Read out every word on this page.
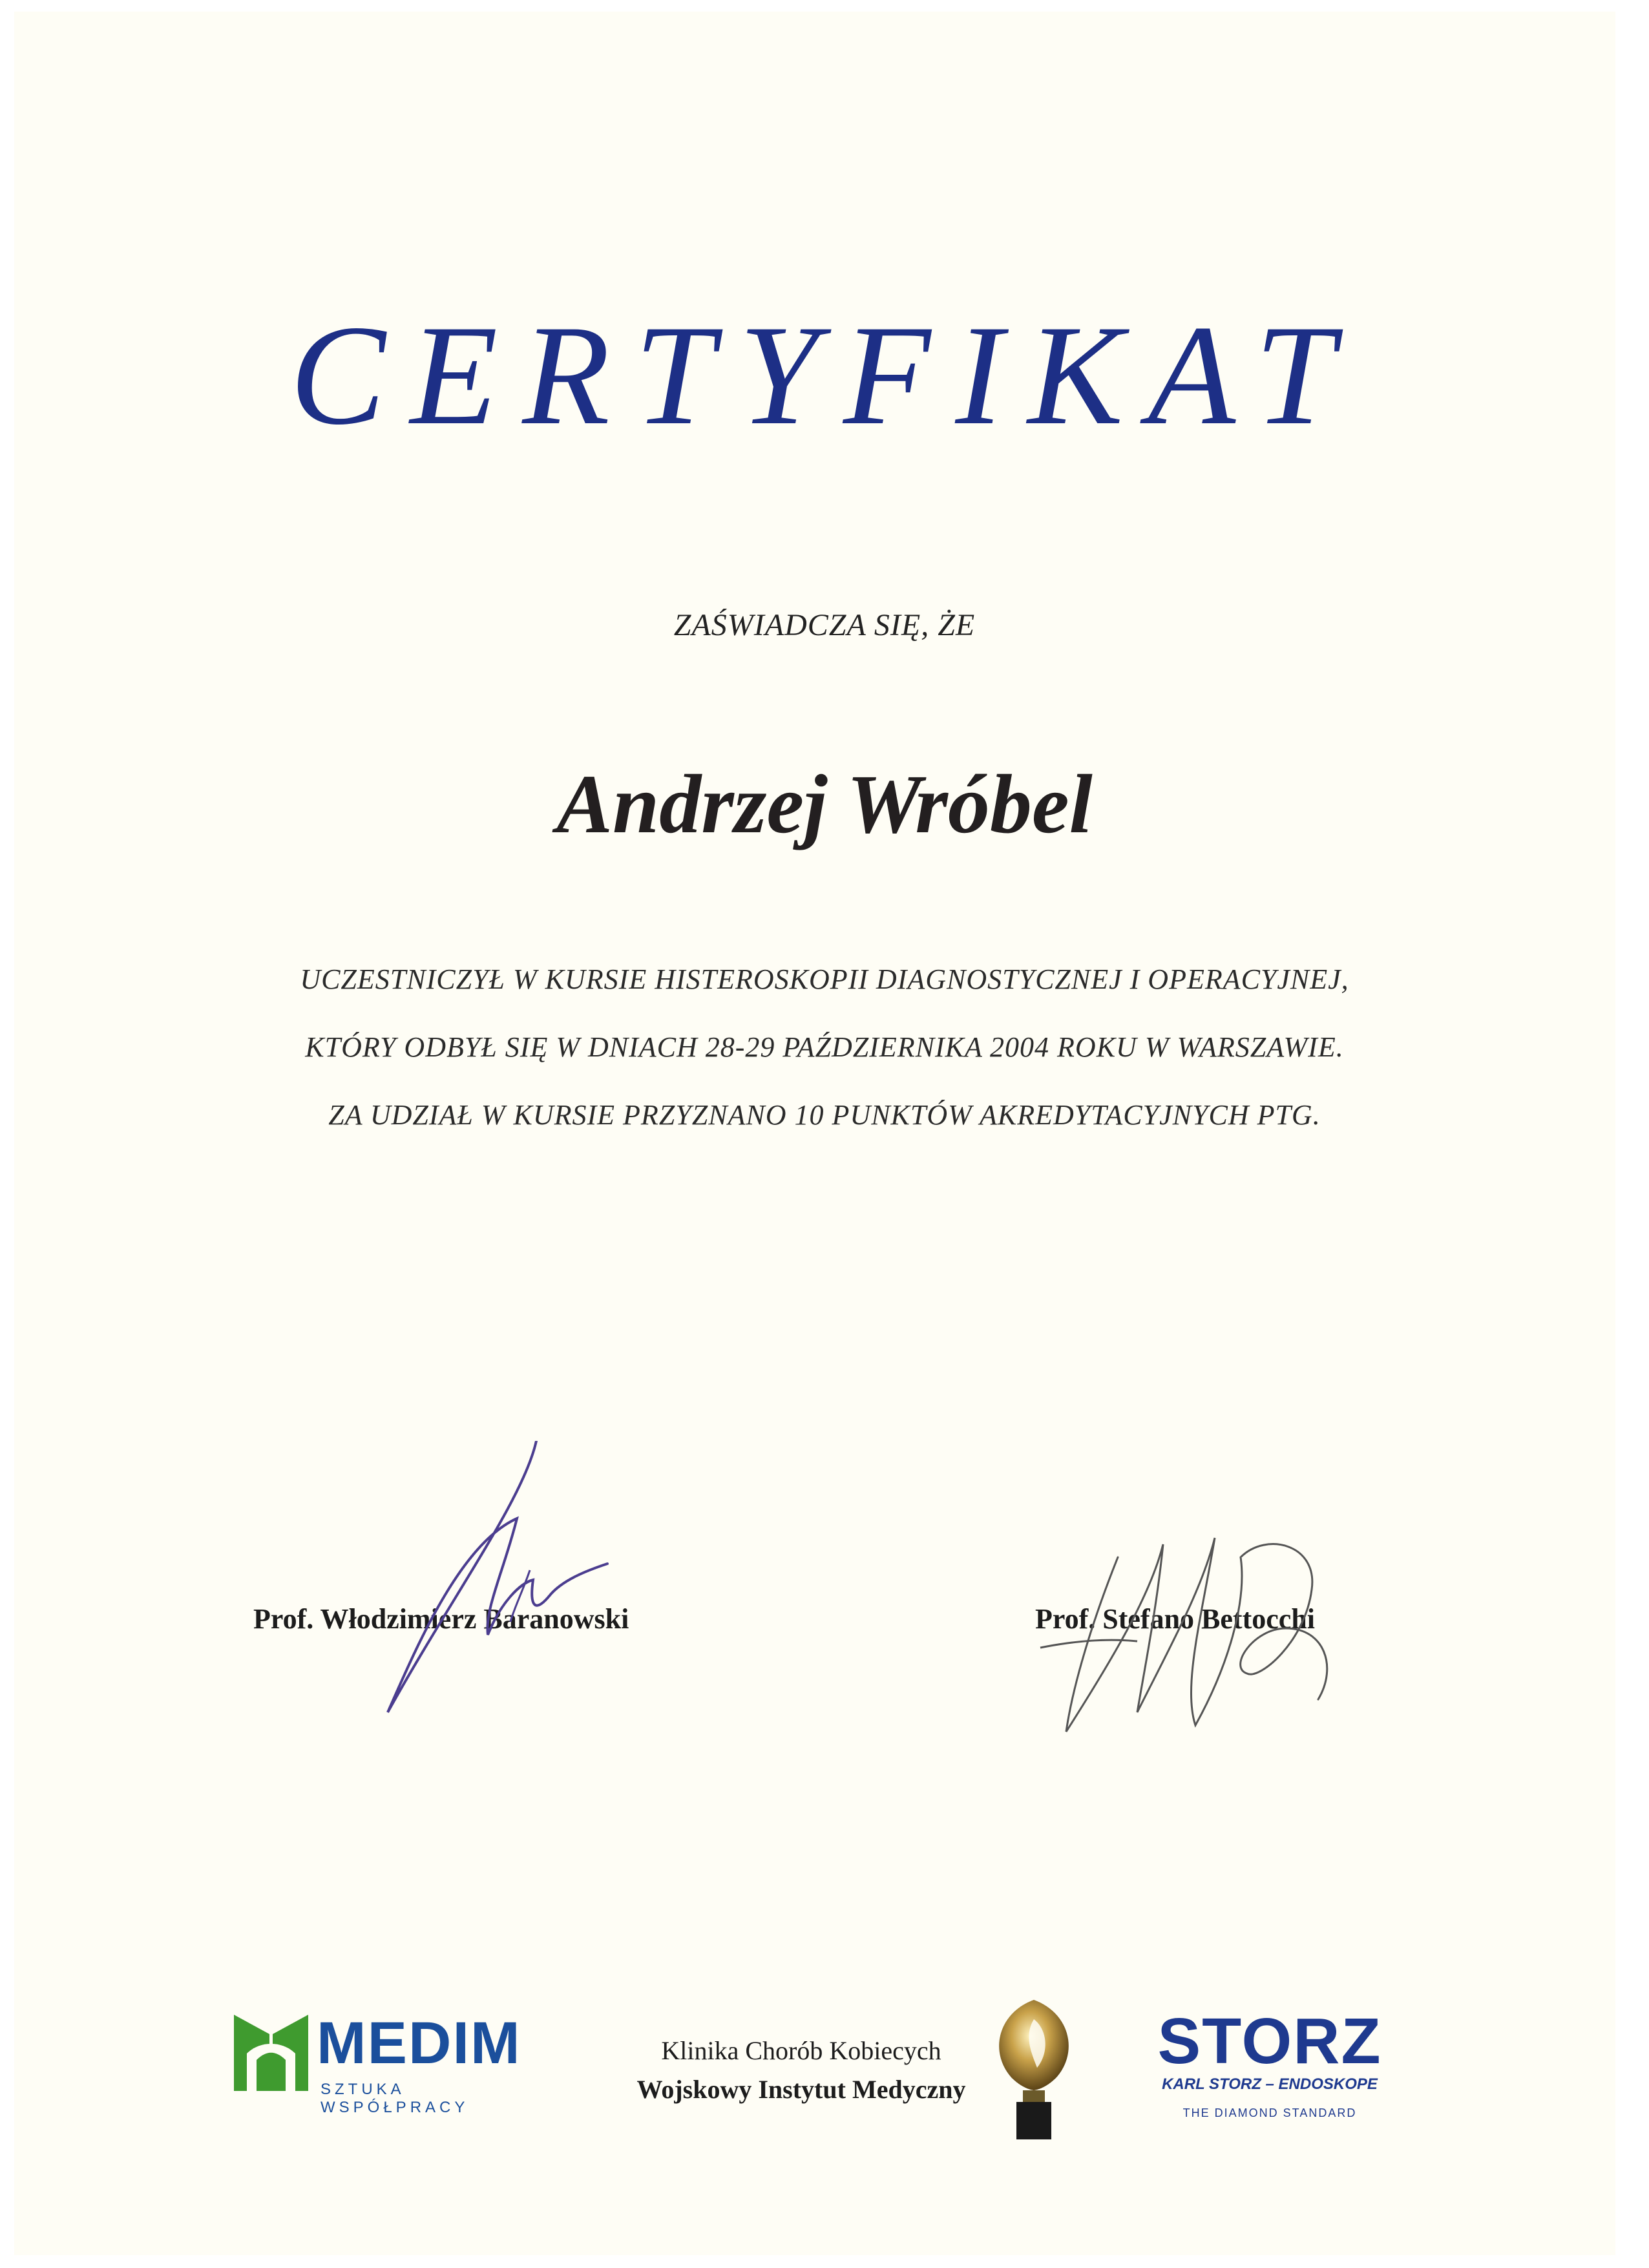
CERTYFIKAT
ZAŚWIADCZA SIĘ, ŻE
Andrzej Wróbel
UCZESTNICZYŁ W KURSIE HISTEROSKOPII DIAGNOSTYCZNEJ I OPERACYJNEJ,
KTÓRY ODBYŁ SIĘ W DNIACH 28-29 PAŹDZIERNIKA 2004 ROKU W WARSZAWIE.
ZA UDZIAŁ W KURSIE PRZYZNANO 10 PUNKTÓW AKREDYTACYJNYCH PTG.
Prof. Włodzimierz Baranowski	Prof. Stefano Bettocchi
MEDIM
SZTUKA WSPÓŁPRACY
Klinika Chorób Kobiecych
Wojskowy Instytut Medyczny
STORZ
KARL STORZ – ENDOSKOPE
THE DIAMOND STANDARD
